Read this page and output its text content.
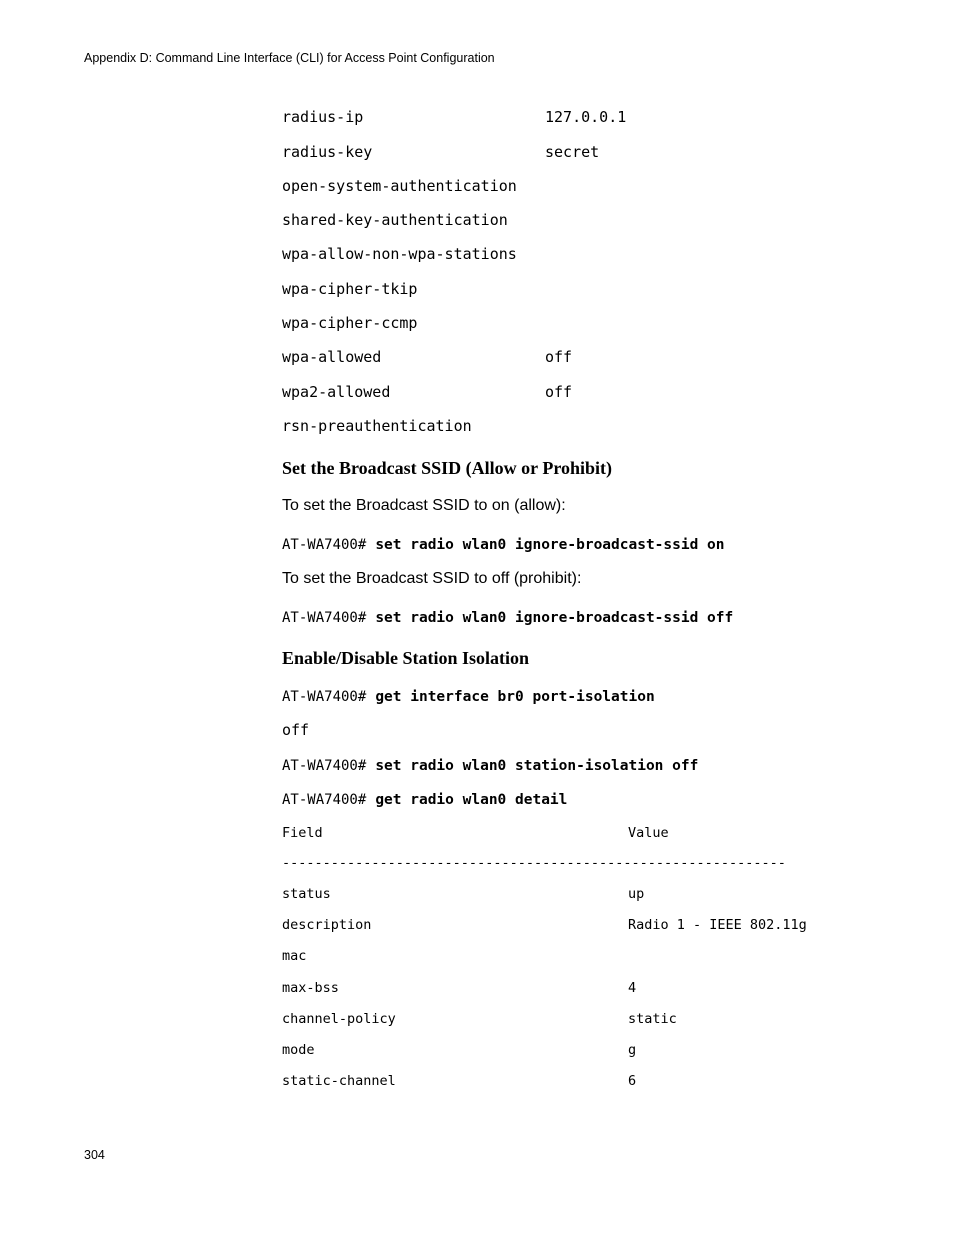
Appendix D: Command Line Interface (CLI) for Access Point Configuration
radius-ip	127.0.0.1
radius-key	secret
open-system-authentication
shared-key-authentication
wpa-allow-non-wpa-stations
wpa-cipher-tkip
wpa-cipher-ccmp
wpa-allowed	off
wpa2-allowed	off
rsn-preauthentication
Set the Broadcast SSID (Allow or Prohibit)
To set the Broadcast SSID to on (allow):
AT-WA7400# set radio wlan0 ignore-broadcast-ssid on
To set the Broadcast SSID to off (prohibit):
AT-WA7400# set radio wlan0 ignore-broadcast-ssid off
Enable/Disable Station Isolation
AT-WA7400# get interface br0 port-isolation
off
AT-WA7400# set radio wlan0 station-isolation off
AT-WA7400# get radio wlan0 detail
Field	Value
--------------------------------------------------------------
status	up
description	Radio 1 - IEEE 802.11g
mac
max-bss	4
channel-policy	static
mode	g
static-channel	6
304
